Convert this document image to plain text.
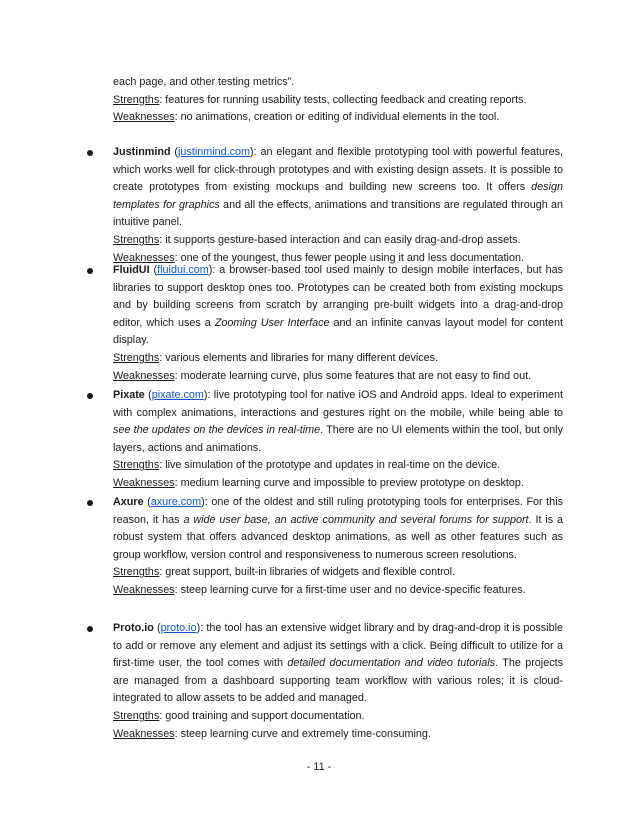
each page, and other testing metrics”.

Strengths: features for running usability tests, collecting feedback and creating reports.

Weaknesses: no animations, creation or editing of individual elements in the tool.

Justinmind (justinmind.com): an elegant and flexible prototyping tool with powerful features, which works well for click-through prototypes and with existing design assets. It is possible to create prototypes from existing mockups and building new screens too. It offers design templates for graphics and all the effects, animations and transitions are regulated through an intuitive panel.

Strengths: it supports gesture-based interaction and can easily drag-and-drop assets.

Weaknesses: one of the youngest, thus fewer people using it and less documentation.

FluidUI (fluidui.com): a browser-based tool used mainly to design mobile interfaces, but has libraries to support desktop ones too. Prototypes can be created both from existing mockups and by building screens from scratch by arranging pre-built widgets into a drag-and-drop editor, which uses a Zooming User Interface and an infinite canvas layout model for content display.

Strengths: various elements and libraries for many different devices.

Weaknesses: moderate learning curve, plus some features that are not easy to find out.

Pixate (pixate.com): live prototyping tool for native iOS and Android apps. Ideal to experiment with complex animations, interactions and gestures right on the mobile, while being able to see the updates on the devices in real-time. There are no UI elements within the tool, but only layers, actions and animations.

Strengths: live simulation of the prototype and updates in real-time on the device.

Weaknesses: medium learning curve and impossible to preview prototype on desktop.

Axure (axure.com): one of the oldest and still ruling prototyping tools for enterprises. For this reason, it has a wide user base, an active community and several forums for support. It is a robust system that offers advanced desktop animations, as well as other features such as group workflow, version control and responsiveness to numerous screen resolutions.

Strengths: great support, built-in libraries of widgets and flexible control.

Weaknesses: steep learning curve for a first-time user and no device-specific features.

Proto.io (proto.io): the tool has an extensive widget library and by drag-and-drop it is possible to add or remove any element and adjust its settings with a click. Being difficult to utilize for a first-time user, the tool comes with detailed documentation and video tutorials. The projects are managed from a dashboard supporting team workflow with various roles; it is cloud-integrated to allow assets to be added and managed.

Strengths: good training and support documentation.

Weaknesses: steep learning curve and extremely time-consuming.

- 11 -
